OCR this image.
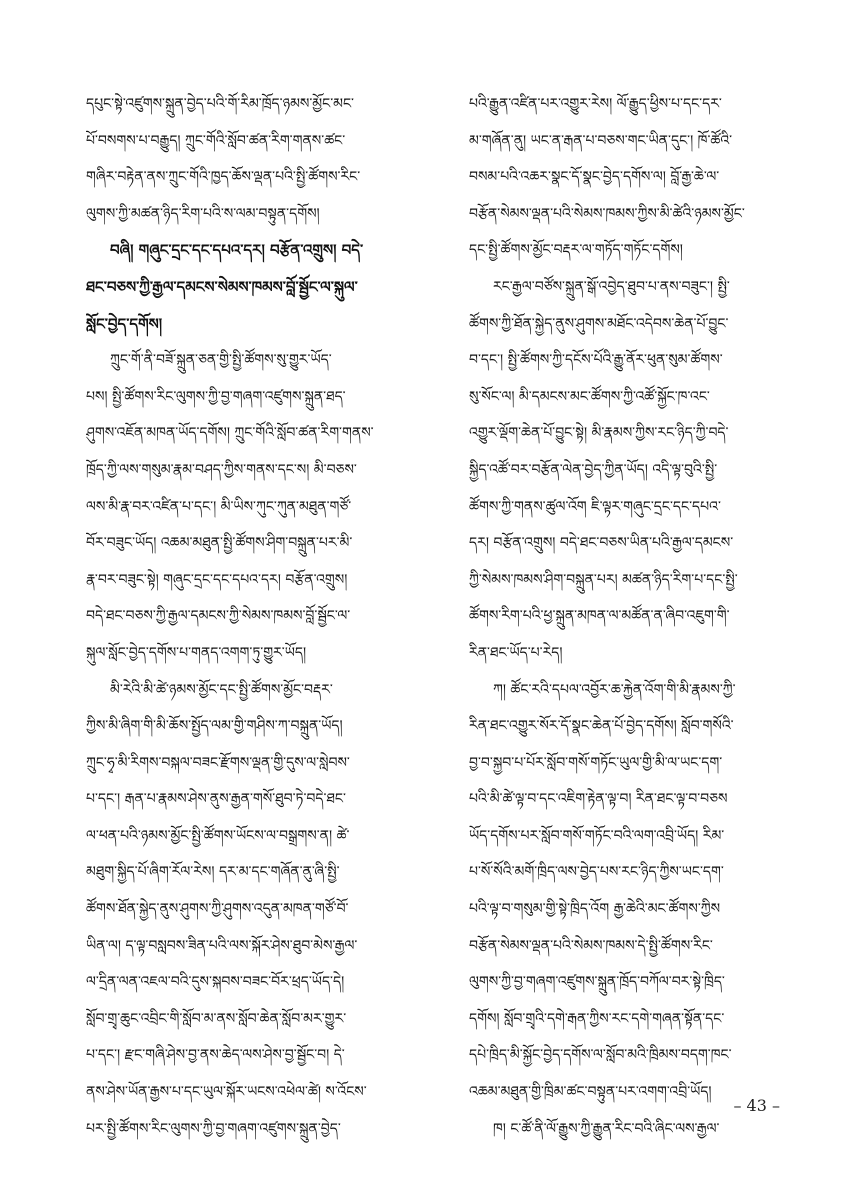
དཔུང་སྟེ་འཛུགས་སྐྲུན་བྱེད་པའི་གོ་རིམ་ཁྲོད་ཉམས་མྱོང་མང་
པོ་བསགས་པ་བརྒྱུད། ཀྲུང་གོའི་སློབ་ཚན་རིག་གནས་ཚང་
གཞིར་བརྟེན་ནས་ཀྲུང་གོའི་ཁྱད་ཆོས་ལྡན་པའི་སྤྱི་ཚོགས་རིང་
ལུགས་ཀྱི་མཚན་ཉིད་རིག་པའི་ས་ལམ་བསྟུན་དགོས།
བཞི། གཞུང་དྲང་དང་དཔའ་དར། བརྩོན་འགྲུས། བདེ་
ཐང་བཅས་ཀྱི་རྒྱལ་དམངས་སེམས་ཁམས་བློ་སྦྱོང་ལ་སྐུལ་
སློང་བྱེད་དགོས།
ཀྲུང་གོ་ནི་བཟོ་སྐྲུན་ཅན་གྱི་སྤྱི་ཚོགས་སུ་གྱུར་ཡོད་
པས། སྤྱི་ཚོགས་རིང་ལུགས་ཀྱི་བྱ་གཞག་འཛུགས་སྐྲུན་ཐད་
ཤུགས་འཇོན་མཁན་ཡོད་དགོས། ཀྲུང་གོའི་སློབ་ཚན་རིག་གནས་
ཁྲོད་ཀྱི་ལས་གསུམ་རྣམ་བཤད་ཀྱིས་གནས་དང་ས། མི་བཅས་
ལས་མི་རྣ་བར་འཛིན་པ་དང་། མི་ཡིས་ཀུང་ཀུན་མཐུན་གཙོ་
བོར་བཟུང་ཡོད། འཆམ་མཐུན་སྤྱི་ཚོགས་ཤིག་བསྐྲུན་པར་མི་
རྣ་བར་བཟུང་སྟེ། གཞུང་དྲང་དང་དཔའ་དར། བརྩོན་འགྲུས།
བདེ་ཐང་བཅས་ཀྱི་རྒྱལ་དམངས་ཀྱི་སེམས་ཁམས་བློ་སྦྱོང་ལ་
སྐུལ་སློང་བྱེད་དགོས་པ་གནད་འགག་ཏུ་གྱུར་ཡོད།
མི་རེའི་མི་ཚེ་ཉམས་མྱོང་དང་སྤྱི་ཚོགས་མྱོང་བརྡར་
ཀྱིས་མི་ཞིག་གི་མི་ཆོས་སྤྱོད་ལམ་གྱི་གཤིས་ཀ་བསྐྲུན་ཡོད།
ཀྲུང་ཧྭ་མི་རིགས་བསྐལ་བཟང་རྫོགས་ལྡན་གྱི་དུས་ལ་སླེབས་
པ་དང་། རྒན་པ་རྣམས་ཤེས་ནུས་རྒྱན་གསོ་ཐུབ་ཏེ་བདེ་ཐང་
ལ་ཕན་པའི་ཉམས་མྱོང་སྤྱི་ཚོགས་ཡོངས་ལ་བསྒྲགས་ན། ཚེ་
མཐུག་སྐྱིད་པོ་ཞིག་རོལ་རེས། དར་མ་དང་གཞོན་ནུ་ཞི་སྤྱི་
ཚོགས་ཐོན་སྐྱེད་ནུས་ཤུགས་ཀྱི་ཤུགས་འདུན་མཁན་གཙོ་བོ་
ཡིན་ལ། ད་ལྟ་བསླབས་ཟིན་པའི་ལས་སྐོར་ཤེས་ཐུབ་མེས་རྒྱལ་
ལ་དྲིན་ལན་འཇལ་བའི་དུས་སྐབས་བཟང་བོར་ཕྲད་ཡོད་དེ།
སློབ་གྲྭ་ཆུང་འབྲིང་གི་སློབ་མ་ནས་སློབ་ཆེན་སློབ་མར་གྱུར་
པ་དང་། རྫང་གཞི་ཤེས་བྱ་ནས་ཆེད་ལས་ཤེས་བྱ་སྦྱོང་བ། དེ་
ནས་ཤེས་ཡོན་རྒྱས་པ་དང་ཡུལ་སྐོར་ཡངས་འཕེལ་ཚེ། ས་འོངས་
པར་སྤྱི་ཚོགས་རིང་ལུགས་ཀྱི་བྱ་གཞག་འཛུགས་སྐྲུན་བྱེད་
པའི་རྒྱུན་འཛིན་པར་འགྱུར་རེས། ལོ་རྒྱུད་ཕྱིས་པ་དང་དར་
མ་གཞོན་ནུ། ཡང་ན་རྒན་པ་བཅས་གང་ཡིན་དུང་། ཁོ་ཚོའི་
བསམ་པའི་འཆར་སྣང་དོ་སྣང་བྱེད་དགོས་ལ། བློ་རྒྱ་ཆེ་ལ་
བརྩོན་སེམས་ལྡན་པའི་སེམས་ཁམས་ཀྱིས་མི་ཚེའི་ཉམས་མྱོང་
དང་སྤྱི་ཚོགས་མྱོང་བརྡར་ལ་གཏོད་གཏོང་དགོས།
རང་རྒྱལ་བཙོས་སྐྲུན་སྒོ་འབྱེད་ཐུབ་པ་ནས་བཟུང་། སྤྱི་
ཚོགས་ཀྱི་ཐོན་སྐྱེད་ནུས་ཤུགས་མཐོང་འདེབས་ཆེན་པོ་བྱུང་
བ་དང་། སྤྱི་ཚོགས་ཀྱི་དངོས་པོའི་རྒྱུ་ནོར་ཕུན་སུམ་ཚོགས་
སུ་སོང་ལ། མི་དམངས་མང་ཚོགས་ཀྱི་འཚོ་སྐྱོང་ཁ་འང་
འགྱུར་ལྡོག་ཆེན་པོ་བྱུང་སྟེ། མི་རྣམས་ཀྱིས་རང་ཉིད་ཀྱི་བདེ་
སྐྱིད་འཚོ་བར་བརྩོན་ལེན་བྱེད་ཀྱིན་ཡོད། འདི་ལྟ་བུའི་སྤྱི་
ཚོགས་ཀྱི་གནས་ཚུལ་འོག ཇི་ལྟར་གཞུང་དྲང་དང་དཔའ་
དར། བརྩོན་འགྲུས། བདེ་ཐང་བཅས་ཡིན་པའི་རྒྱལ་དམངས་
ཀྱི་སེམས་ཁམས་ཤིག་བསྐྲུན་པར། མཚན་ཉིད་རིག་པ་དང་སྤྱི་
ཚོགས་རིག་པའི་ཕྱ་སྐྲུན་མཁན་ལ་མཚོན་ན་ཞིབ་འཇུག་གི་
རིན་ཐང་ཡོད་པ་རེད།
ཀ། ཚོང་རའི་དཔལ་འབྱོར་ཆ་རྐྱེན་འོག་གི་མི་རྣམས་ཀྱི་
རིན་ཐང་འགྱུར་སོར་དོ་སྣང་ཆེན་པོ་བྱེད་དགོས། སློབ་གསོའི་
བྱ་བ་སྐྱབ་པ་པོར་སློབ་གསོ་གཏོང་ཡུལ་གྱི་མི་ལ་ཡང་དག་
པའི་མི་ཚེ་ལྟ་བ་དང་འཇིག་རྟེན་ལྟ་བ། རིན་ཐང་ལྟ་བ་བཅས
ཡོད་དགོས་པར་སློབ་གསོ་གཏོང་བའི་ལག་འབྲི་ཡོད། རིམ་
པ་སོ་སོའི་མགོ་ཁྲིད་ལས་བྱེད་པས་རང་ཉིད་ཀྱིས་ཡང་དག་
པའི་ལྟ་བ་གསུམ་གྱི་སྟེ་ཁྲིད་འོག རྒྱ་ཆེའི་མང་ཚོགས་ཀྱིས
བརྩོན་སེམས་ལྡན་པའི་སེམས་ཁམས་དེ་སྤྱི་ཚོགས་རིང་
ལུགས་ཀྱི་བྱ་གཞག་འཛུགས་སྐྲུན་ཁྲོད་བཀོལ་བར་སྟེ་ཁྲིད་
དགོས། སློབ་གྲྭའི་དགེ་རྒན་ཀྱིས་རང་དགེ་གཞན་སྟོན་དང་
དཔེ་ཁྲིད་མི་སྐྱོང་བྱེད་དགོས་ལ་སློབ་མའི་ཁྲིམས་བདག་ཁང་
འཆམ་མཐུན་གྱི་ཁྲིམ་ཚང་བསྟུན་པར་འགག་འབྲི་ཡོད།
ཁ། ང་ཚོ་ནི་ལོ་རྒྱུས་ཀྱི་རྒྱུན་རིང་བའི་ཞིང་ལས་རྒྱལ་
– 43 –
